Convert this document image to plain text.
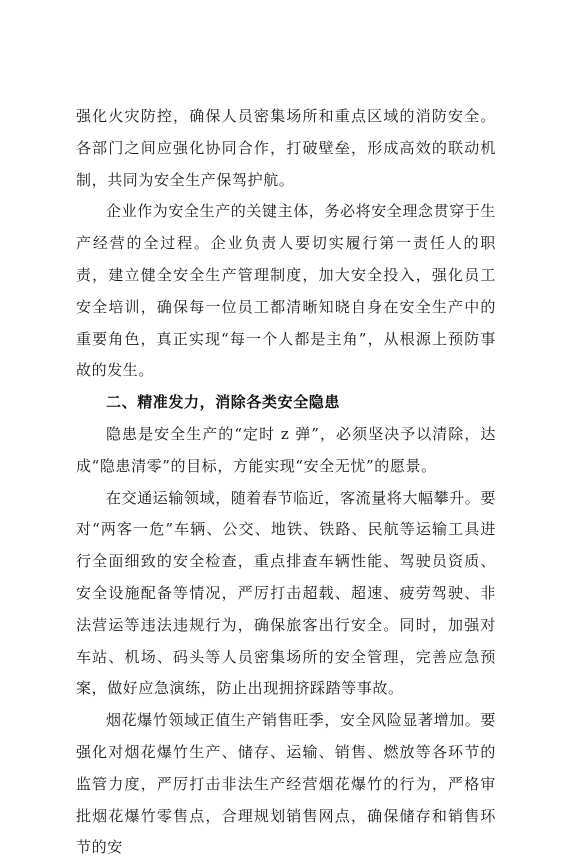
强化火灾防控，确保人员密集场所和重点区域的消防安全。各部门之间应强化协同合作，打破壁垒，形成高效的联动机制，共同为安全生产保驾护航。

企业作为安全生产的关键主体，务必将安全理念贯穿于生产经营的全过程。企业负责人要切实履行第一责任人的职责，建立健全安全生产管理制度，加大安全投入，强化员工安全培训，确保每一位员工都清晰知晓自身在安全生产中的重要角色，真正实现“每一个人都是主角”，从根源上预防事故的发生。

二、精准发力，消除各类安全隐患

隐患是安全生产的“定时 z 弹”，必须坚决予以清除，达成“隐患清零”的目标，方能实现“安全无忧”的愿景。

在交通运输领域，随着春节临近，客流量将大幅攀升。要对“两客一危”车辆、公交、地铁、铁路、民航等运输工具进行全面细致的安全检查，重点排查车辆性能、驾驶员资质、安全设施配备等情况，严厉打击超载、超速、疲劳驾驶、非法营运等违法违规行为，确保旅客出行安全。同时，加强对车站、机场、码头等人员密集场所的安全管理，完善应急预案，做好应急演练，防止出现拥挤踩踏等事故。

烟花爆竹领域正值生产销售旺季，安全风险显著增加。要强化对烟花爆竹生产、储存、运输、销售、燃放等各环节的监管力度，严厉打击非法生产经营烟花爆竹的行为，严格审批烟花爆竹零售点，合理规划销售网点，确保储存和销售环节的安
